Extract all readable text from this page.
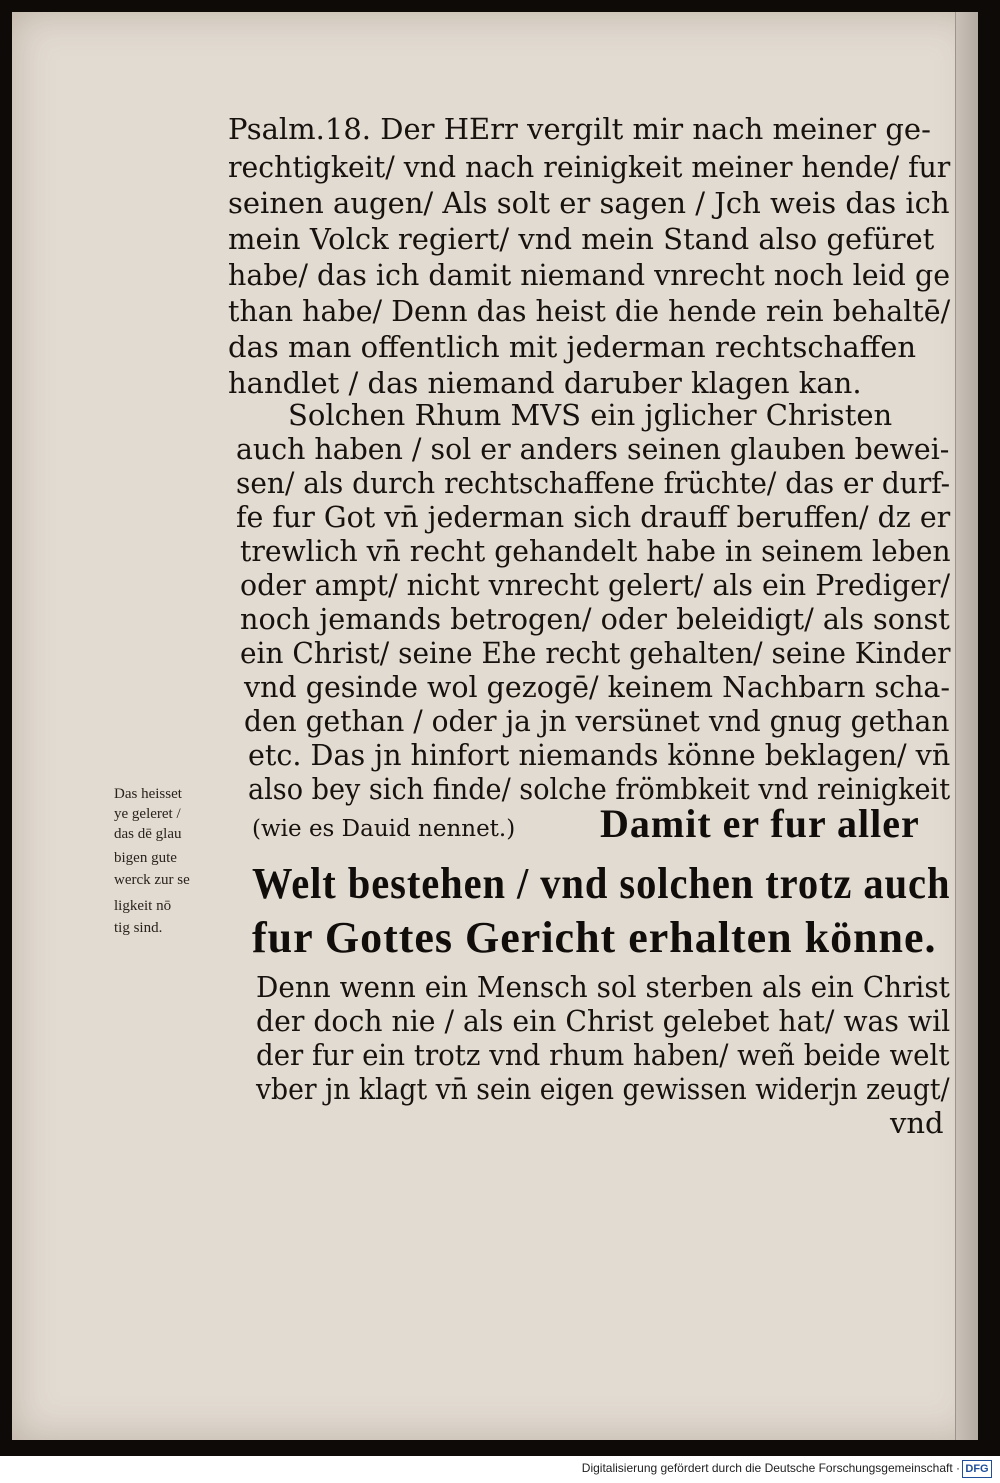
Psalm.18. Der HErr vergilt mir nach meiner ge-
rechtigkeit/ vnd nach reinigkeit meiner hende/ fur
seinen augen/ Als solt er sagen / Jch weis das ich
mein Volck regiert/ vnd mein Stand also gefüret
habe/ das ich damit niemand vnrecht noch leid ge
than habe/ Denn das heist die hende rein behaltē/
das man offentlich mit jederman rechtschaffen
handlet / das niemand daruber klagen kan.
Solchen Rhum MVS ein jglicher Christen
auch haben / sol er anders seinen glauben bewei-
sen/ als durch rechtschaffene früchte/ das er durf-
fe fur Got vn̄ jederman sich drauff beruffen/ dz er
trewlich vn̄ recht gehandelt habe in seinem leben
oder ampt/ nicht vnrecht gelert/ als ein Prediger/
noch jemands betrogen/ oder beleidigt/ als sonst
ein Christ/ seine Ehe recht gehalten/ seine Kinder
vnd gesinde wol gezogē/ keinem Nachbarn scha-
den gethan / oder ja jn versünet vnd gnug gethan
etc. Das jn hinfort niemands könne beklagen/ vn̄
also bey sich finde/ solche frömbkeit vnd reinigkeit
(wie es Dauid nennet.) Damit er fur aller
Welt bestehen / vnd solchen trotz auch
fur Gottes Gericht erhalten könne.
Denn wenn ein Mensch sol sterben als ein Christ
der doch nie / als ein Christ gelebet hat/ was wil
der fur ein trotz vnd rhum haben/ weñ beide welt
vber jn klagt vn̄ sein eigen gewissen widerjn zeugt/
vnd
Das heisset
ye geleret /
das dē glau
bigen gute
werck zur se
ligkeit nō
tig sind.
Digitalisierung gefördert durch die Deutsche Forschungsgemeinschaft · DFG
